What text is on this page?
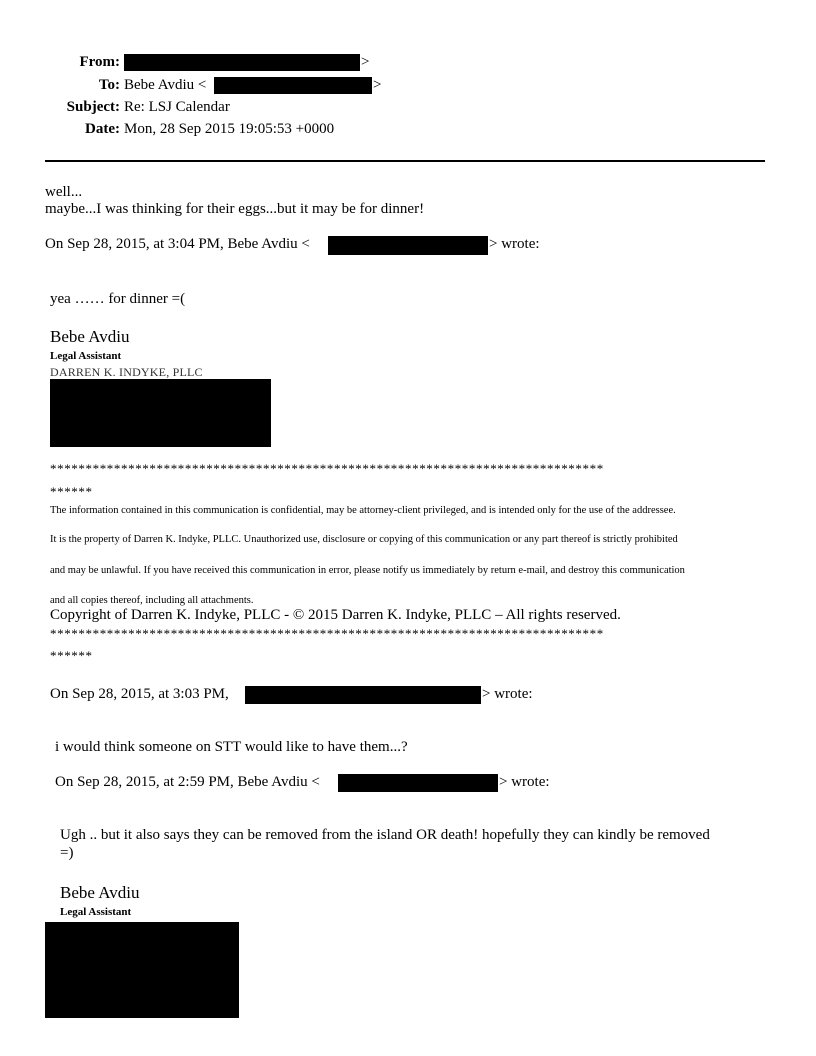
From:	>
To: Bebe Avdiu <	>
Subject: Re: LSJ Calendar
Date: Mon, 28 Sep 2015 19:05:53 +0000
well...
maybe...I was thinking for their eggs...but it may be for dinner!
On Sep 28, 2015, at 3:04 PM, Bebe Avdiu <	> wrote:
yea …… for dinner =(
Bebe Avdiu
Legal Assistant
DARREN K. INDYKE, PLLC
******************************************************************************
******
The information contained in this communication is confidential, may be attorney-client privileged, and is intended only for the use of the addressee.
It is the property of Darren K. Indyke, PLLC. Unauthorized use, disclosure or copying of this communication or any part thereof is strictly prohibited
and may be unlawful. If you have received this communication in error, please notify us immediately by return e-mail, and destroy this communication
and all copies thereof, including all attachments.
Copyright of Darren K. Indyke, PLLC - © 2015 Darren K. Indyke, PLLC – All rights reserved.
******************************************************************************
******
On Sep 28, 2015, at 3:03 PM,	> wrote:
i would think someone on STT would like to have them...?
On Sep 28, 2015, at 2:59 PM, Bebe Avdiu <	> wrote:
Ugh .. but it also says they can be removed from the island OR death! hopefully they can kindly be removed
=)
Bebe Avdiu
Legal Assistant
